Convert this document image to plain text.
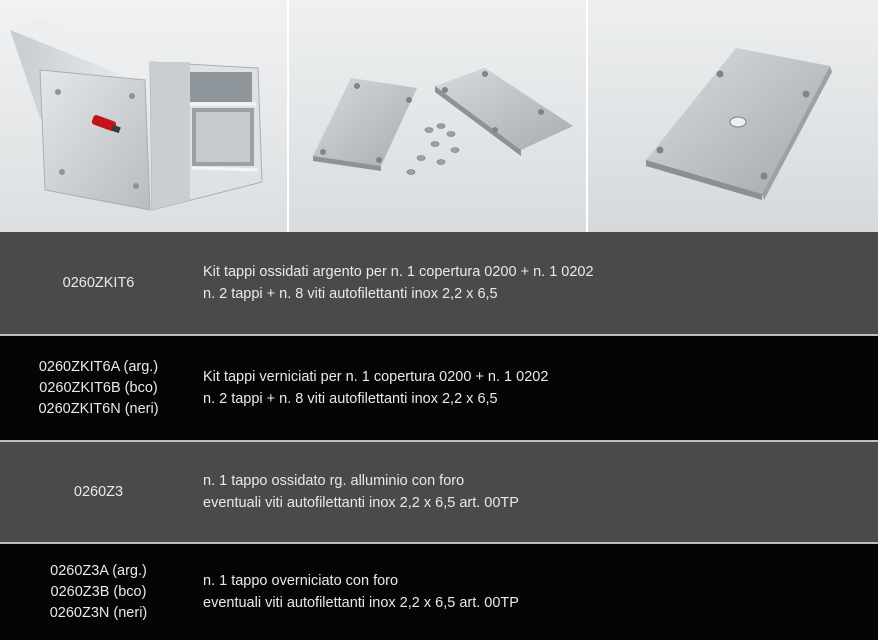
0260ZKIT6
Kit tappi ossidati argento per n. 1 copertura 0200 + n. 1 0202
n. 2 tappi + n. 8 viti autofilettanti inox 2,2 x 6,5
0260ZKIT6A (arg.)
0260ZKIT6B (bco)
0260ZKIT6N (neri)
Kit tappi verniciati per n. 1 copertura 0200 + n. 1 0202
n. 2 tappi + n. 8 viti autofilettanti inox 2,2 x 6,5
0260Z3
n. 1 tappo ossidato rg. alluminio con foro
eventuali viti autofilettanti inox 2,2 x 6,5 art. 00TP
0260Z3A (arg.)
0260Z3B (bco)
0260Z3N (neri)
n. 1 tappo overniciato con foro
eventuali viti autofilettanti inox 2,2 x 6,5 art. 00TP
